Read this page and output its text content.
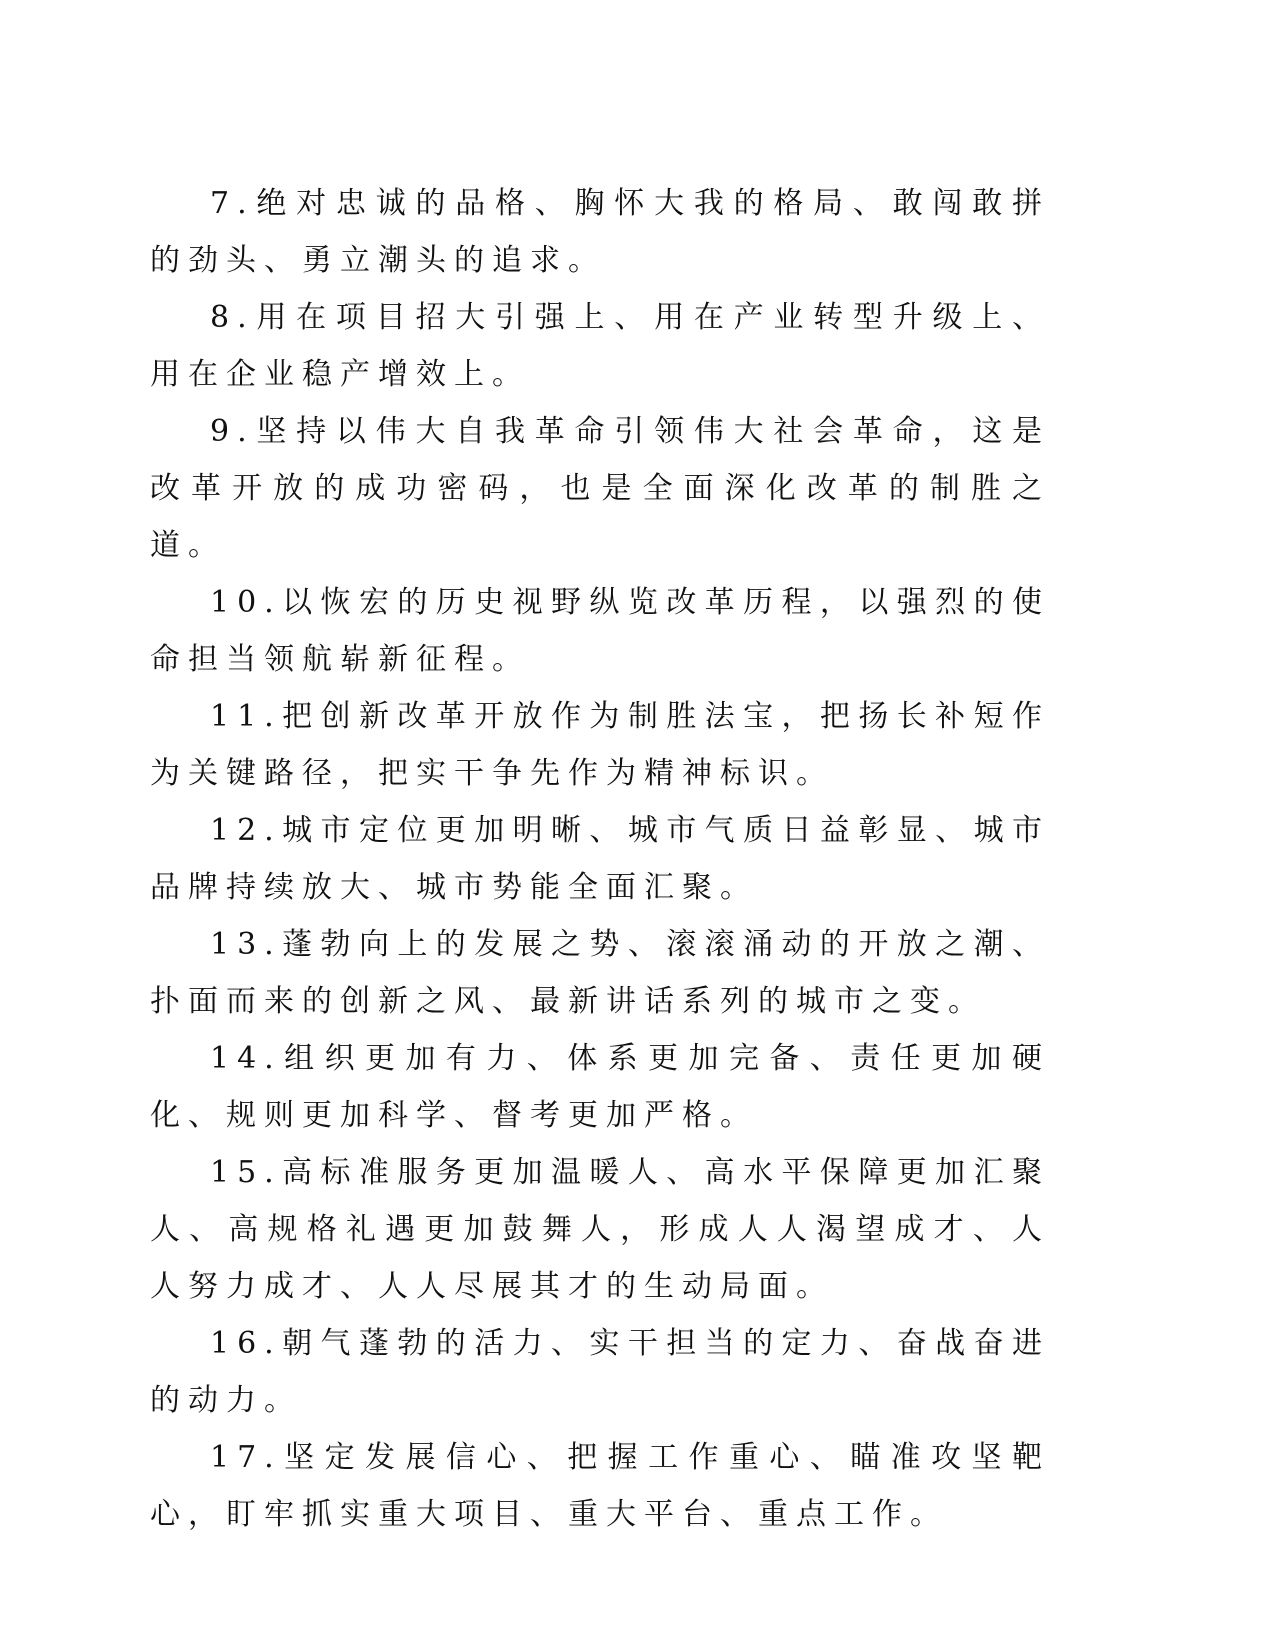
7.绝对忠诚的品格、胸怀大我的格局、敢闯敢拼的劲头、勇立潮头的追求。

8.用在项目招大引强上、用在产业转型升级上、用在企业稳产增效上。

9.坚持以伟大自我革命引领伟大社会革命，这是改革开放的成功密码，也是全面深化改革的制胜之道。

10.以恢宏的历史视野纵览改革历程，以强烈的使命担当领航崭新征程。

11.把创新改革开放作为制胜法宝，把扬长补短作为关键路径，把实干争先作为精神标识。

12.城市定位更加明晰、城市气质日益彰显、城市品牌持续放大、城市势能全面汇聚。

13.蓬勃向上的发展之势、滚滚涌动的开放之潮、扑面而来的创新之风、最新讲话系列的城市之变。

14.组织更加有力、体系更加完备、责任更加硬化、规则更加科学、督考更加严格。

15.高标准服务更加温暖人、高水平保障更加汇聚人、高规格礼遇更加鼓舞人，形成人人渴望成才、人人努力成才、人人尽展其才的生动局面。

16.朝气蓬勃的活力、实干担当的定力、奋战奋进的动力。

17.坚定发展信心、把握工作重心、瞄准攻坚靶心，盯牢抓实重大项目、重大平台、重点工作。
